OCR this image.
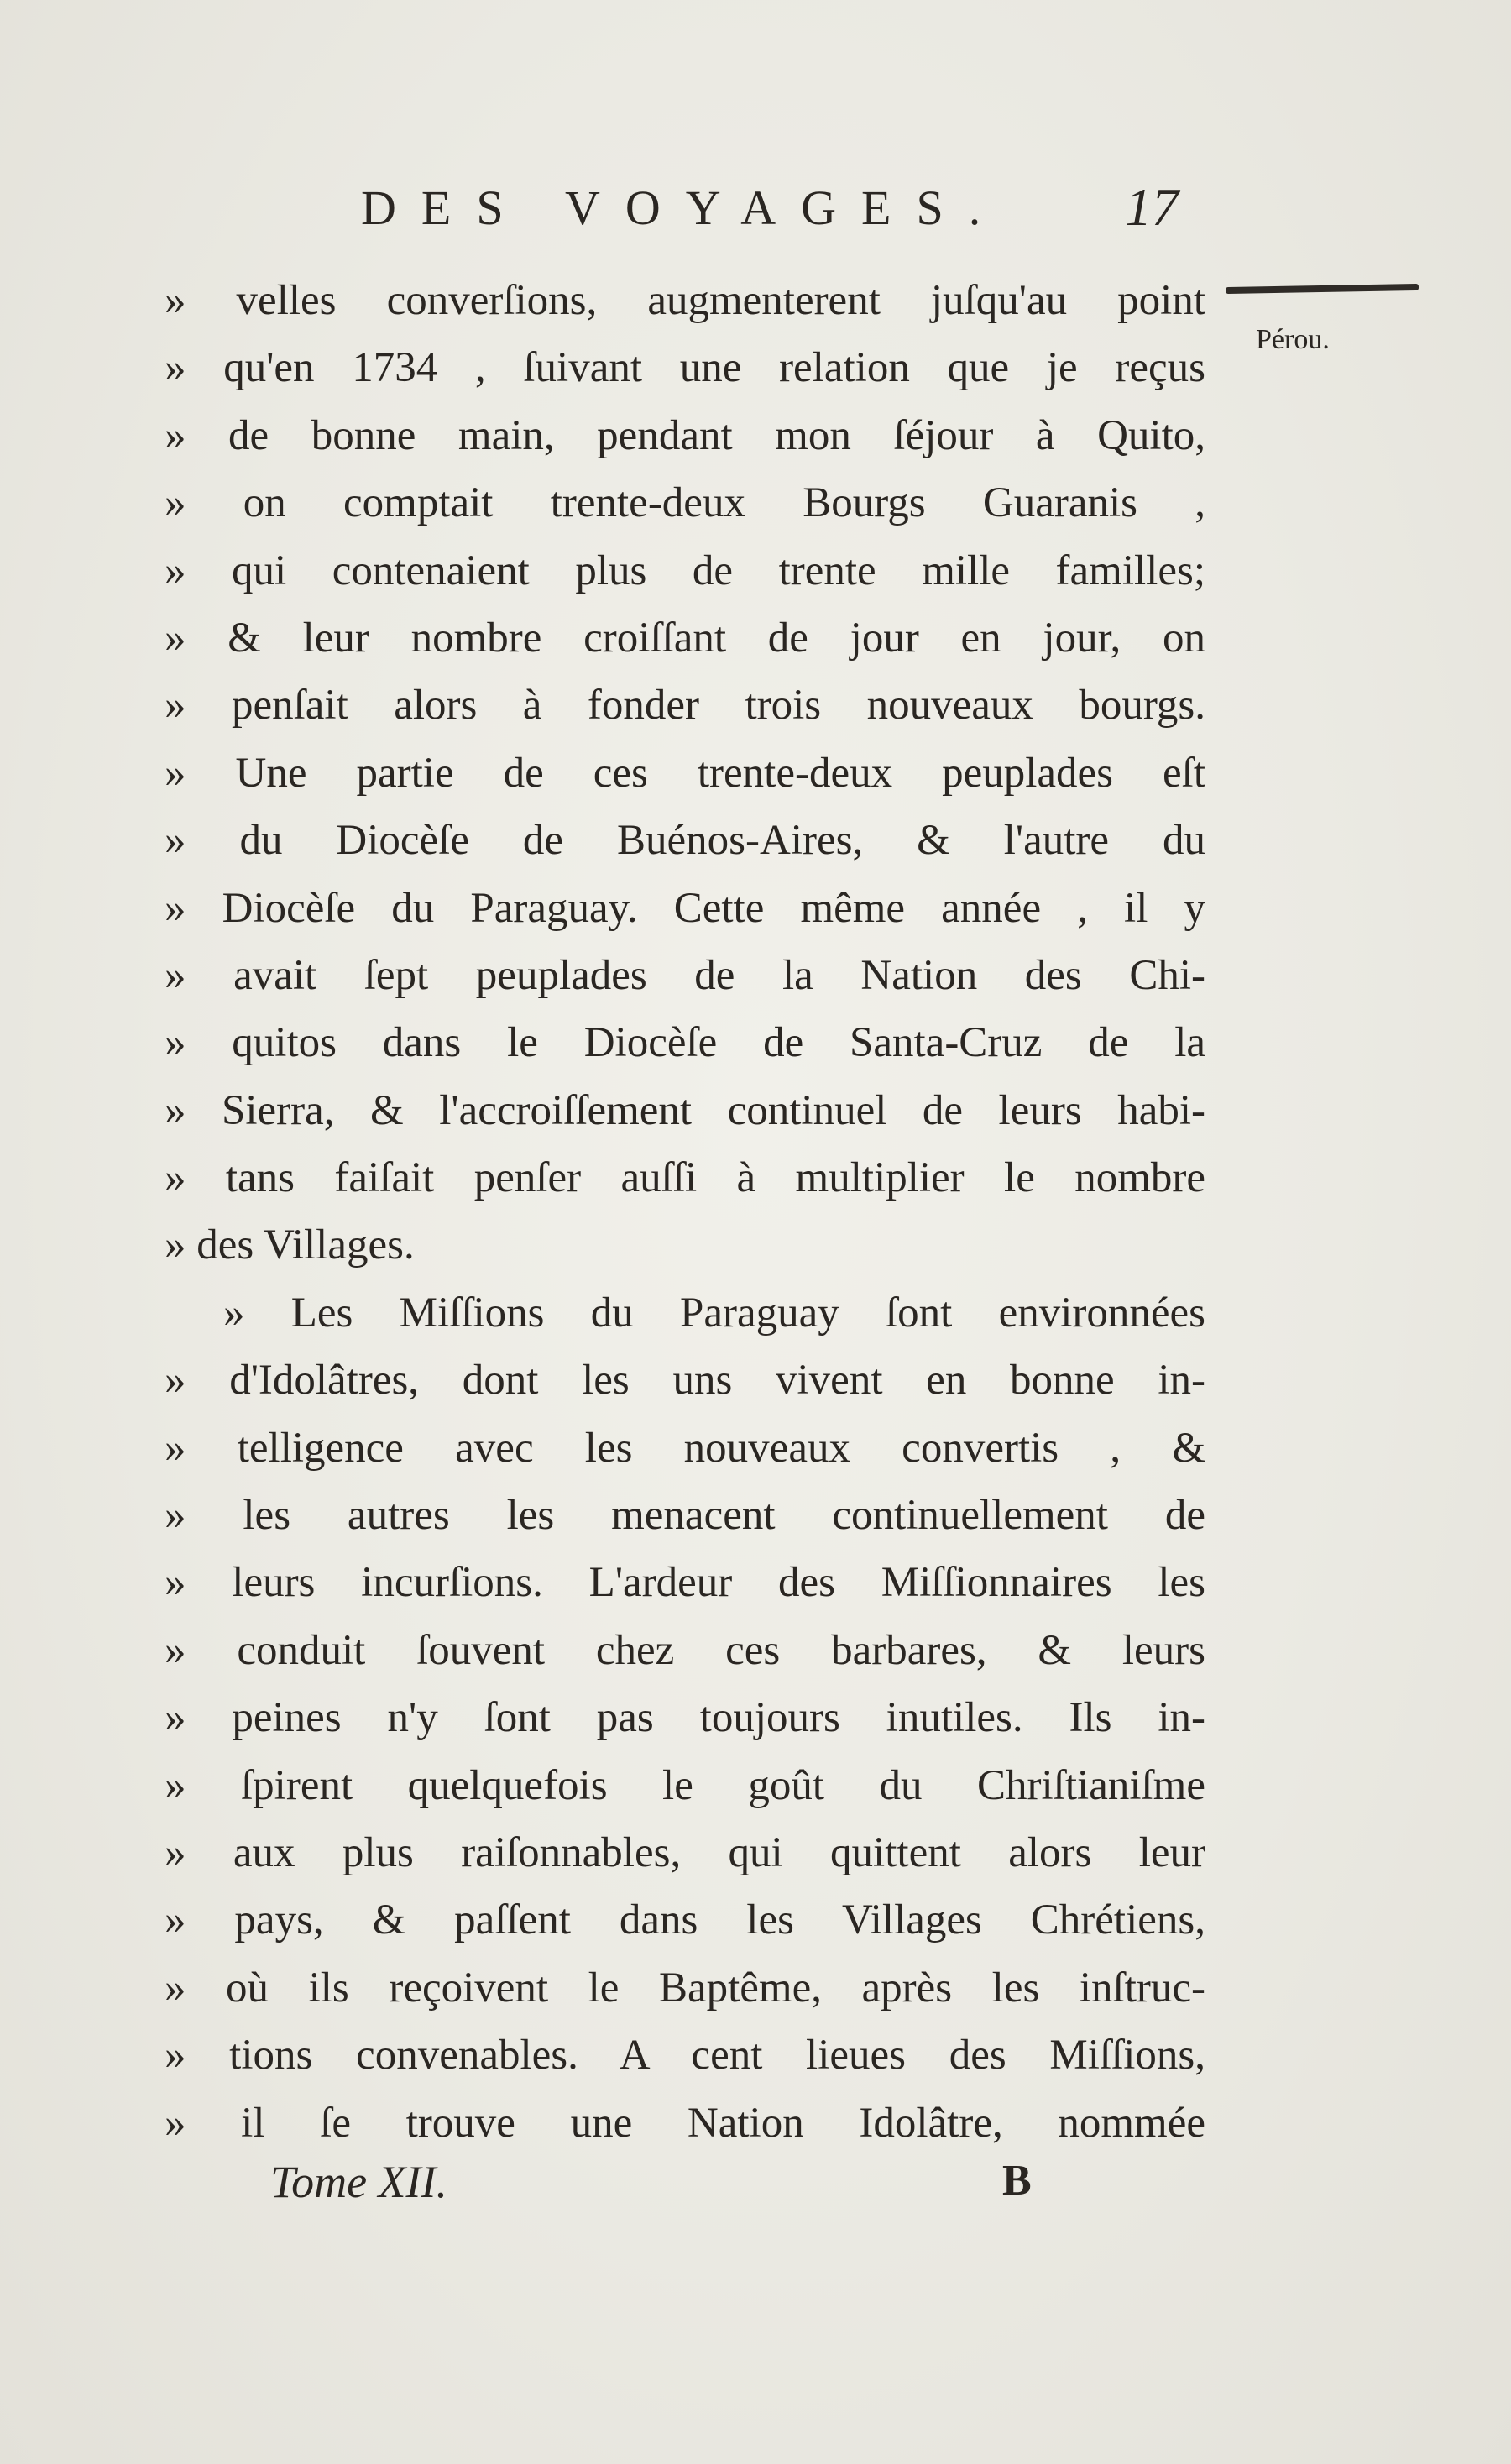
DES VOYAGES. 17
Pérou.
» velles converſions, augmenterent juſqu'au point
» qu'en 1734 , ſuivant une relation que je reçus
» de bonne main, pendant mon ſéjour à Quito,
» on comptait trente-deux Bourgs Guaranis ,
» qui contenaient plus de trente mille familles;
» & leur nombre croiſſant de jour en jour, on
» penſait alors à fonder trois nouveaux bourgs.
» Une partie de ces trente-deux peuplades eſt
» du Diocèſe de Buénos-Aires, & l'autre du
» Diocèſe du Paraguay. Cette même année , il y
» avait ſept peuplades de la Nation des Chi-
» quitos dans le Diocèſe de Santa-Cruz de la
» Sierra, & l'accroiſſement continuel de leurs habi-
» tans faiſait penſer auſſi à multiplier le nombre
» des Villages.
» Les Miſſions du Paraguay ſont environnées
» d'Idolâtres, dont les uns vivent en bonne in-
» telligence avec les nouveaux convertis , &
» les autres les menacent continuellement de
» leurs incurſions. L'ardeur des Miſſionnaires les
» conduit ſouvent chez ces barbares, & leurs
» peines n'y ſont pas toujours inutiles. Ils in-
» ſpirent quelquefois le goût du Chriſtianiſme
» aux plus raiſonnables, qui quittent alors leur
» pays, & paſſent dans les Villages Chrétiens,
» où ils reçoivent le Baptême, après les inſtruc-
» tions convenables. A cent lieues des Miſſions,
» il ſe trouve une Nation Idolâtre, nommée
Tome XII.	B
